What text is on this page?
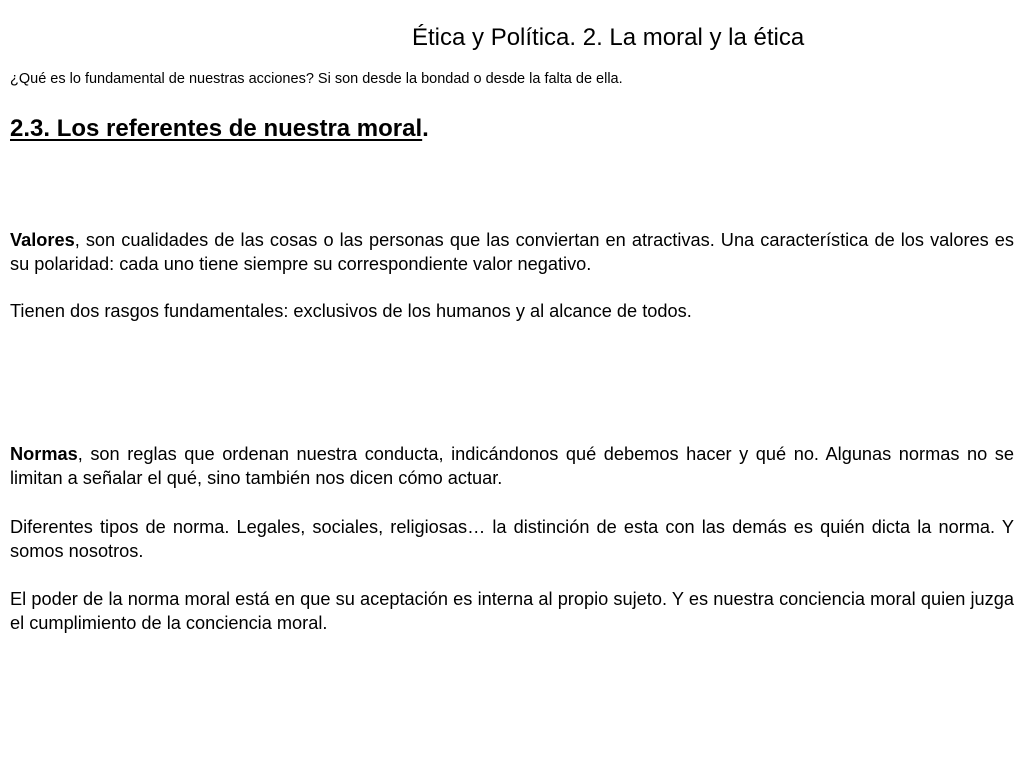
Ética y Política. 2. La moral y la ética
¿Qué es lo fundamental de nuestras acciones? Si son desde la bondad o desde la falta de ella.
2.3. Los referentes de nuestra moral.

Valores, son cualidades de las cosas o las personas que las conviertan en atractivas. Una característica de los valores es su polaridad: cada uno tiene siempre su correspondiente valor negativo.

Tienen dos rasgos fundamentales: exclusivos de los humanos y al alcance de todos.

Normas, son reglas que ordenan nuestra conducta, indicándonos qué debemos hacer y qué no. Algunas normas no se limitan a señalar el qué, sino también nos dicen cómo actuar.

Diferentes tipos de norma. Legales, sociales, religiosas… la distinción de esta con las demás es quién dicta la norma. Y somos nosotros.

El poder de la norma moral está en que su aceptación es interna al propio sujeto. Y es nuestra conciencia moral quien juzga el cumplimiento de la conciencia moral.
